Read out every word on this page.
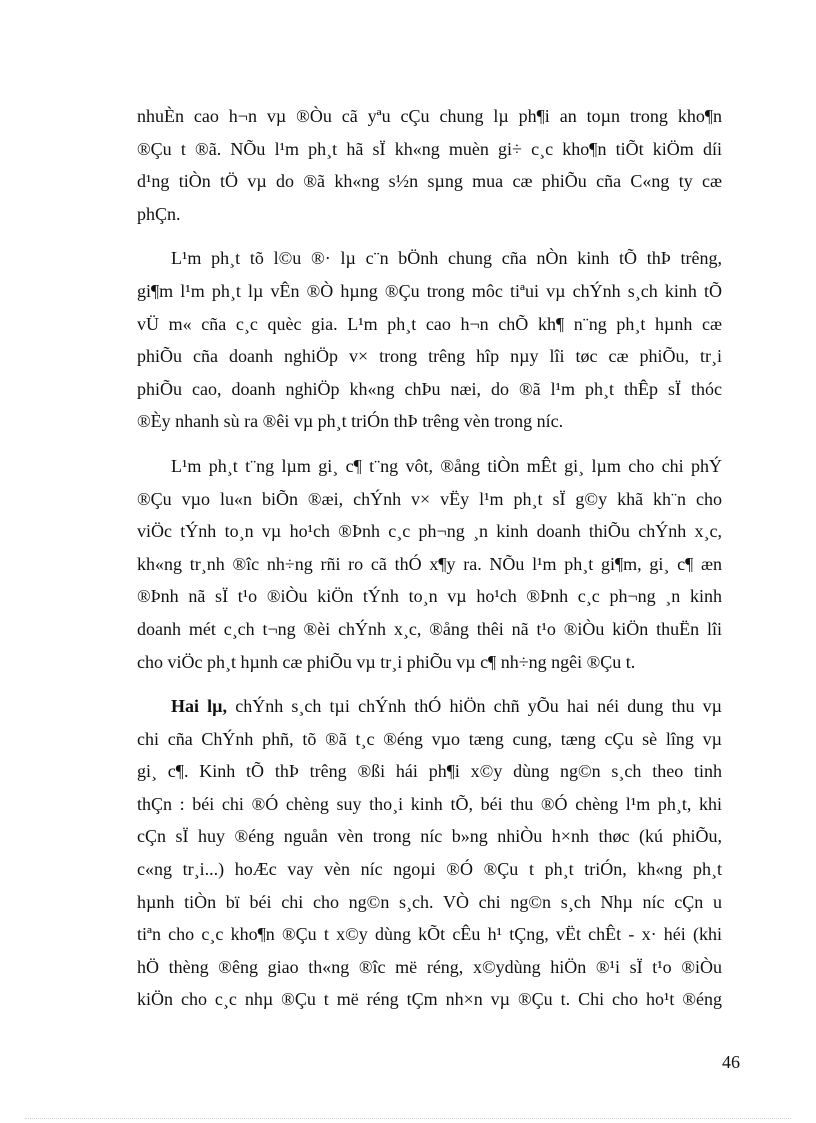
nhuÈn cao h¬n vµ ®Òu cã yªu cÇu chung lµ ph¶i an toµn trong kho¶n
®Çu t ®ã. NÕu l¹m ph¸t hã sÏ kh«ng muèn gi÷ c¸c kho¶n tiÕt kiÖm díi
d¹ng tiÒn tÖ vµ do ®ã kh«ng s½n sµng mua cæ phiÕu cña C«ng ty cæ
phÇn.

L¹m ph¸t tõ l©u ®· lµ c¨n bÖnh chung cña nÒn kinh tÕ thÞ trêng,
gi¶m l¹m ph¸t lµ vÊn ®Ò hµng ®Çu trong môc tiªui vµ chÝnh s¸ch kinh tÕ
vÜ m« cña c¸c quèc gia. L¹m ph¸t cao h¬n chÕ kh¶ n¨ng ph¸t hµnh cæ
phiÕu cña doanh nghiÖp v× trong trêng hîp nµy lîi tøc cæ phiÕu, tr¸i
phiÕu cao, doanh nghiÖp kh«ng chÞu næi, do ®ã l¹m ph¸t thÊp sÏ thóc
®Èy nhanh sù ra ®êi vµ ph¸t triÓn thÞ trêng vèn trong níc.

L¹m ph¸t t¨ng lµm gi¸ c¶ t¨ng vôt, ®ång tiÒn mÊt gi¸ lµm cho chi phÝ
®Çu vµo lu«n biÕn ®æi, chÝnh v× vËy l¹m ph¸t sÏ g©y khã kh¨n cho
viÖc tÝnh to¸n vµ ho¹ch ®Þnh c¸c ph¬ng ¸n kinh doanh thiÕu chÝnh x¸c,
kh«ng tr¸nh ®îc nh÷ng rñi ro cã thÓ x¶y ra. NÕu l¹m ph¸t gi¶m, gi¸ c¶ æn
®Þnh nã sÏ t¹o ®iÒu kiÖn tÝnh to¸n vµ ho¹ch ®Þnh c¸c ph¬ng ¸n kinh
doanh mét c¸ch t¬ng ®èi chÝnh x¸c, ®ång thêi nã t¹o ®iÒu kiÖn thuËn lîi
cho viÖc ph¸t hµnh cæ phiÕu vµ tr¸i phiÕu vµ c¶ nh÷ng ngêi ®Çu t.

Hai lµ, chÝnh s¸ch tµi chÝnh thÓ hiÖn chñ yÕu hai néi dung thu vµ
chi cña ChÝnh phñ, tõ ®ã t¸c ®éng vµo tæng cung, tæng cÇu sè lîng vµ
gi¸ c¶. Kinh tÕ thÞ trêng ®ßi hái ph¶i x©y dùng ng©n s¸ch theo tinh
thÇn : béi chi ®Ó chèng suy tho¸i kinh tÕ, béi thu ®Ó chèng l¹m ph¸t, khi
cÇn sÏ huy ®éng nguån vèn trong níc b»ng nhiÒu h×nh thøc (kú phiÕu,
c«ng tr¸i...) hoÆc vay vèn níc ngoµi ®Ó ®Çu t ph¸t triÓn, kh«ng ph¸t
hµnh tiÒn bï béi chi cho ng©n s¸ch. VÒ chi ng©n s¸ch Nhµ níc cÇn u
tiªn cho c¸c kho¶n ®Çu t x©y dùng kÕt cÊu h¹ tÇng, vËt chÊt - x· héi (khi
hÖ thèng ®êng giao th«ng ®îc më réng, x©ydùng hiÖn ®¹i sÏ t¹o ®iÒu
kiÖn cho c¸c nhµ ®Çu t më réng tÇm nh×n vµ ®Çu t. Chi cho ho¹t ®éng

46
